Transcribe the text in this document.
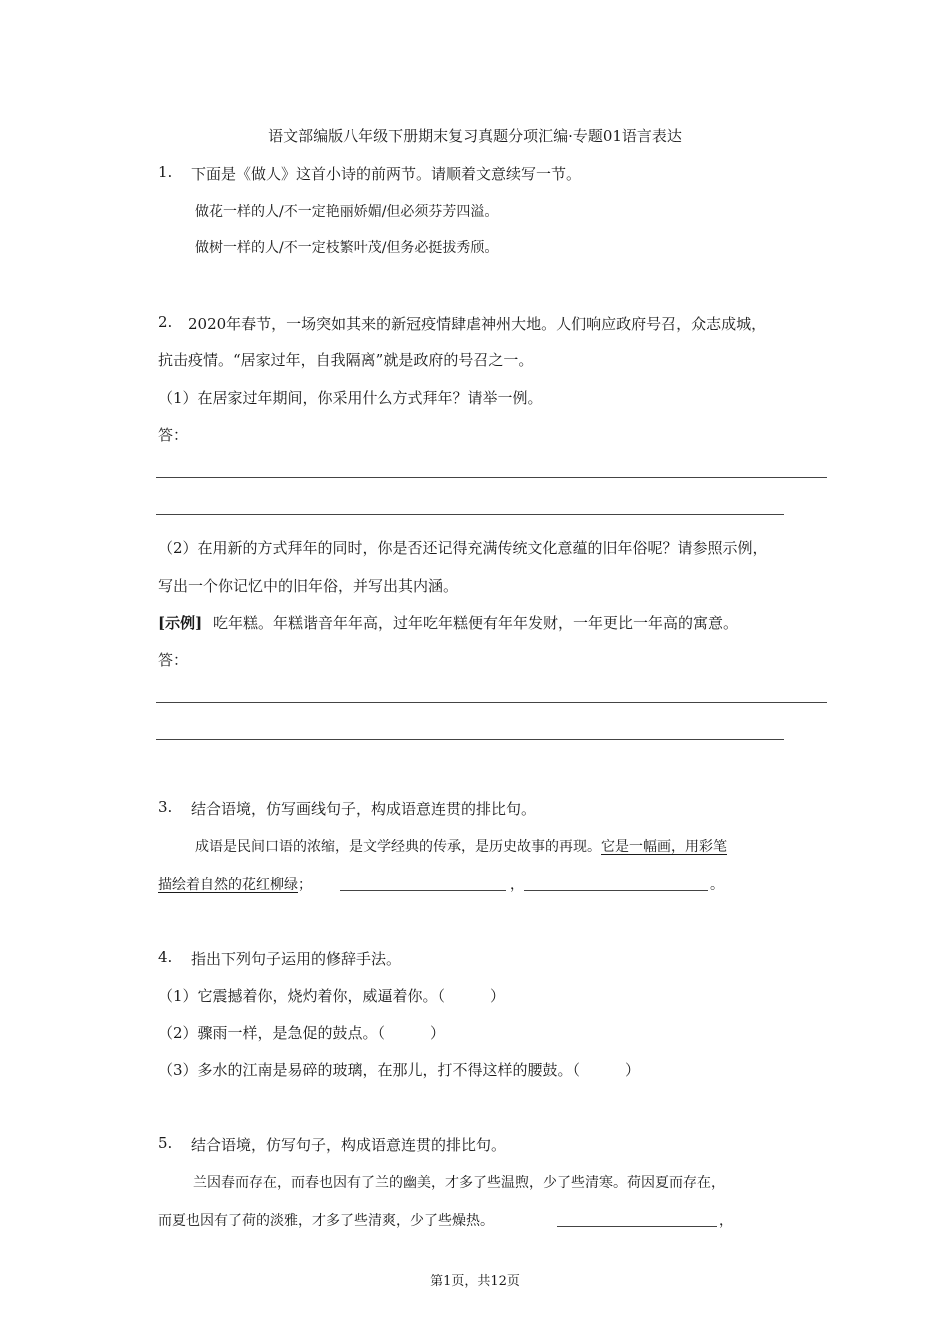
语文部编版八年级下册期末复习真题分项汇编·专题01语言表达
1. 下面是《做人》这首小诗的前两节。请顺着文意续写一节。
做花一样的人/不一定艳丽娇媚/但必须芬芳四溢。
做树一样的人/不一定枝繁叶茂/但务必挺拔秀颀。
2. 2020年春节，一场突如其来的新冠疫情肆虐神州大地。人们响应政府号召，众志成城，
抗击疫情。“居家过年，自我隔离”就是政府的号召之一。
（1）在居家过年期间，你采用什么方式拜年？请举一例。
答：
（2）在用新的方式拜年的同时，你是否还记得充满传统文化意蕴的旧年俗呢？请参照示例，
写出一个你记忆中的旧年俗，并写出其内涵。
[示例] 吃年糕。年糕谐音年年高，过年吃年糕便有年年发财，一年更比一年高的寓意。
答：
3. 结合语境，仿写画线句子，构成语意连贯的排比句。
成语是民间口语的浓缩，是文学经典的传承，是历史故事的再现。它是一幅画，用彩笔
描绘着自然的花红柳绿；	，	。
4. 指出下列句子运用的修辞手法。
（1）它震撼着你，烧灼着你，威逼着你。（　　　）
（2）骤雨一样，是急促的鼓点。（　　　）
（3）多水的江南是易碎的玻璃，在那儿，打不得这样的腰鼓。（　　　）
5. 结合语境，仿写句子，构成语意连贯的排比句。
兰因春而存在，而春也因有了兰的幽美，才多了些温煦，少了些清寒。荷因夏而存在，
而夏也因有了荷的淡雅，才多了些清爽，少了些燥热。	，
第1页，共12页
